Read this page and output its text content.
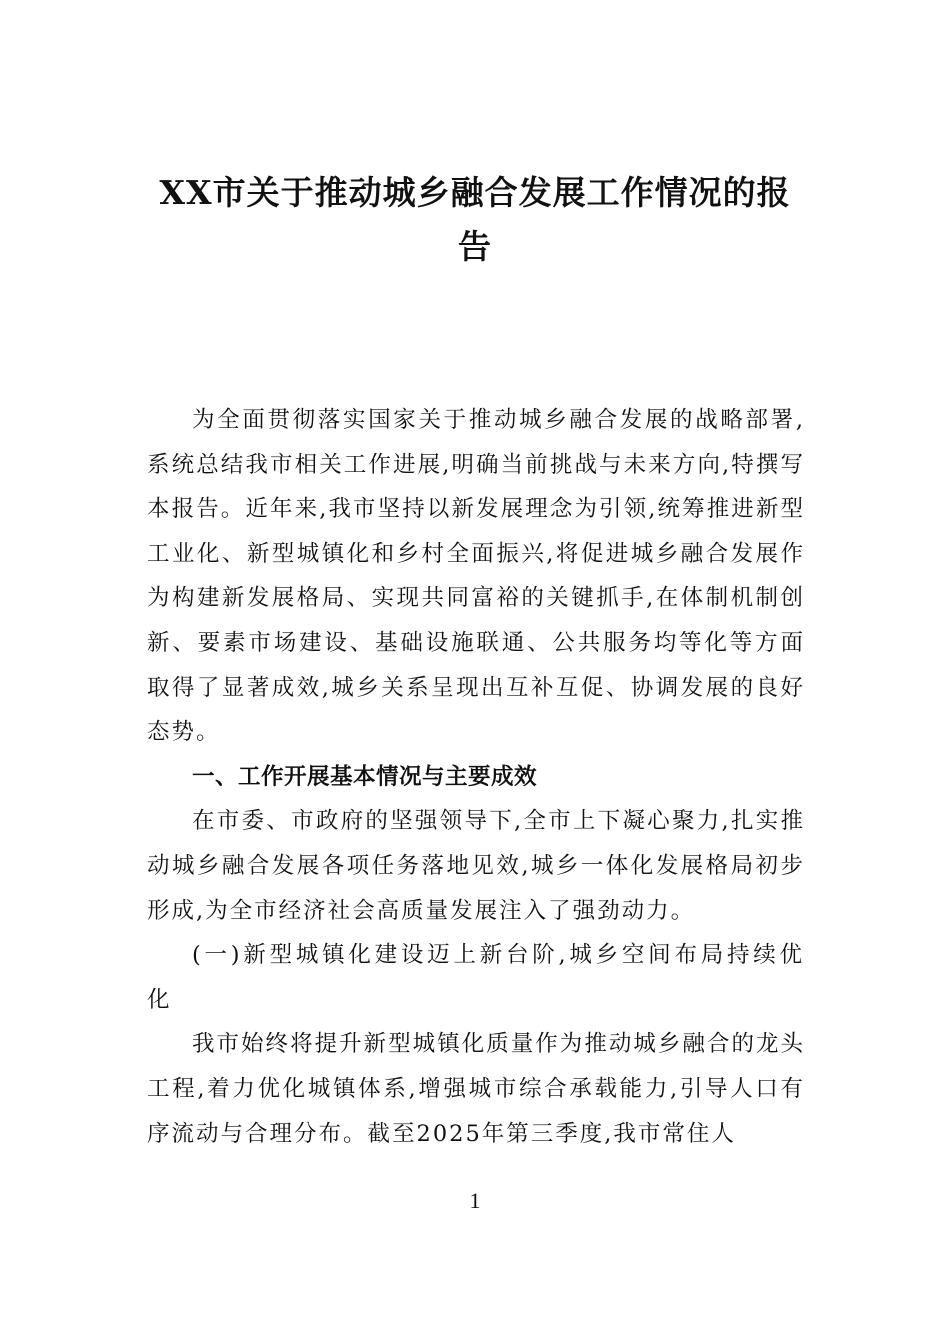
XX市关于推动城乡融合发展工作情况的报
告

为全面贯彻落实国家关于推动城乡融合发展的战略部署,系统总结我市相关工作进展,明确当前挑战与未来方向,特撰写本报告。近年来,我市坚持以新发展理念为引领,统筹推进新型工业化、新型城镇化和乡村全面振兴,将促进城乡融合发展作为构建新发展格局、实现共同富裕的关键抓手,在体制机制创新、要素市场建设、基础设施联通、公共服务均等化等方面取得了显著成效,城乡关系呈现出互补互促、协调发展的良好态势。

一、工作开展基本情况与主要成效

在市委、市政府的坚强领导下,全市上下凝心聚力,扎实推动城乡融合发展各项任务落地见效,城乡一体化发展格局初步形成,为全市经济社会高质量发展注入了强劲动力。

(一)新型城镇化建设迈上新台阶,城乡空间布局持续优化

我市始终将提升新型城镇化质量作为推动城乡融合的龙头工程,着力优化城镇体系,增强城市综合承载能力,引导人口有序流动与合理分布。截至2025年第三季度,我市常住人

1
